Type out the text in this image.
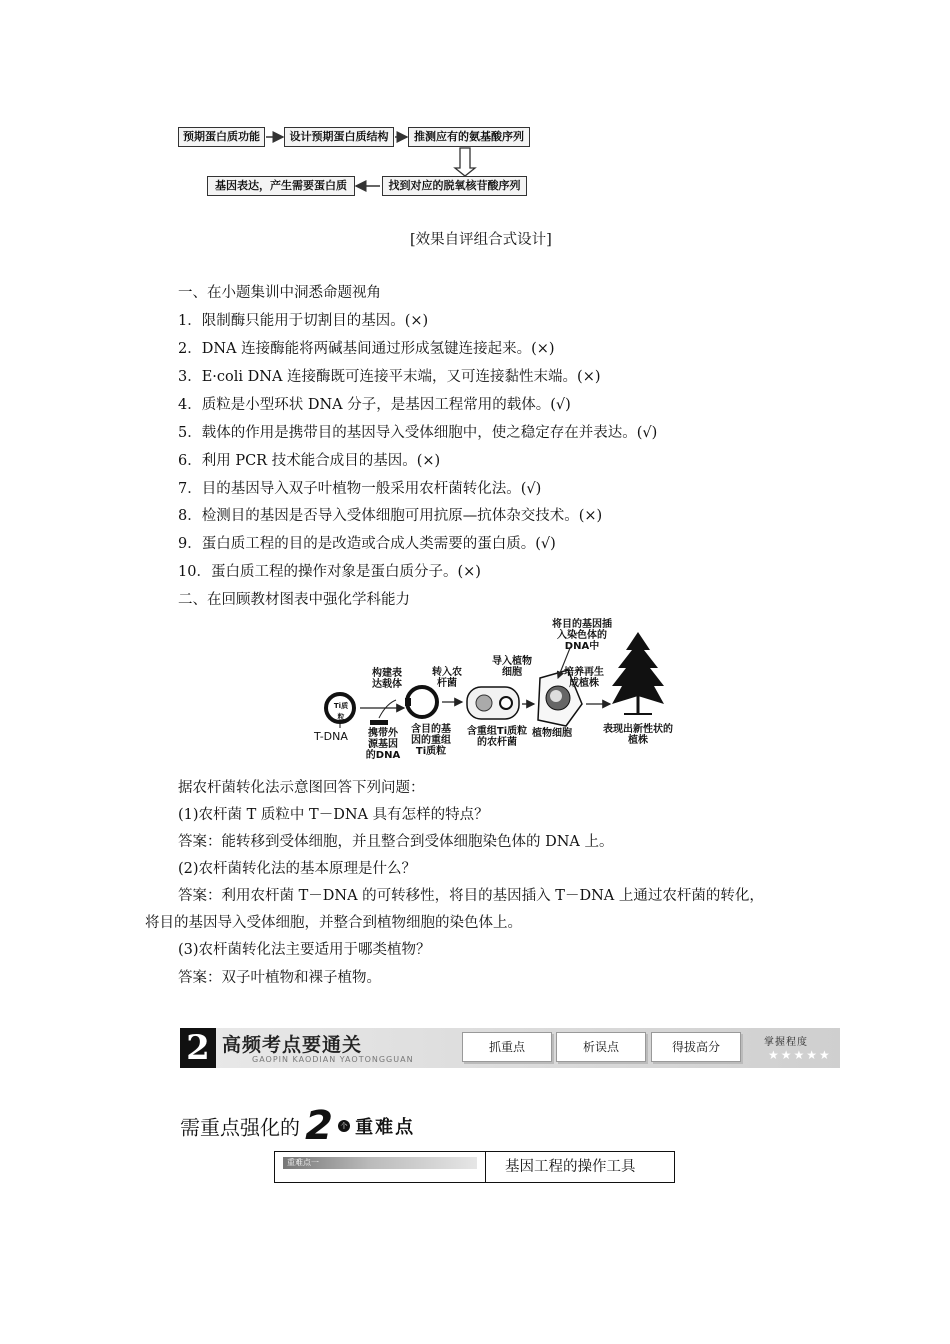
预期蛋白质功能	设计预期蛋白质结构	推测应有的氨基酸序列
找到对应的脱氧核苷酸序列
基因表达，产生需要蛋白质
[效果自评组合式设计]
一、在小题集训中洞悉命题视角
1．限制酶只能用于切割目的基因。(×)
2．DNA 连接酶能将两碱基间通过形成氢键连接起来。(×)
3．E·coli DNA 连接酶既可连接平末端，又可连接黏性末端。(×)
4．质粒是小型环状 DNA 分子，是基因工程常用的载体。(√)
5．载体的作用是携带目的基因导入受体细胞中，使之稳定存在并表达。(√)
6．利用 PCR 技术能合成目的基因。(×)
7．目的基因导入双子叶植物一般采用农杆菌转化法。(√)
8．检测目的基因是否导入受体细胞可用抗原—抗体杂交技术。(×)
9．蛋白质工程的目的是改造或合成人类需要的蛋白质。(√)
10．蛋白质工程的操作对象是蛋白质分子。(×)
二、在回顾教材图表中强化学科能力
Ti质粒
T-DNA
构建表达载体
携带外源基因的DNA
含目的基因的重组Ti质粒
转入农杆菌
含重组Ti质粒的农杆菌
导入植物细胞
植物细胞
将目的基因插入染色体的DNA中
培养再生成植株
表现出新性状的植株
据农杆菌转化法示意图回答下列问题：
(1)农杆菌 T 质粒中 T－DNA 具有怎样的特点？
答案：能转移到受体细胞，并且整合到受体细胞染色体的 DNA 上。
(2)农杆菌转化法的基本原理是什么？
答案：利用农杆菌 T－DNA 的可转移性，将目的基因插入 T－DNA 上通过农杆菌的转化，
将目的基因导入受体细胞，并整合到植物细胞的染色体上。
(3)农杆菌转化法主要适用于哪类植物？
答案：双子叶植物和裸子植物。
2 高频考点要通关
GAOPIN KAODIAN YAOTONGGUAN
抓重点	析误点	得拔高分	掌握程度
★★★★★
需重点强化的 2 个 重难点
重难点一	基因工程的操作工具
